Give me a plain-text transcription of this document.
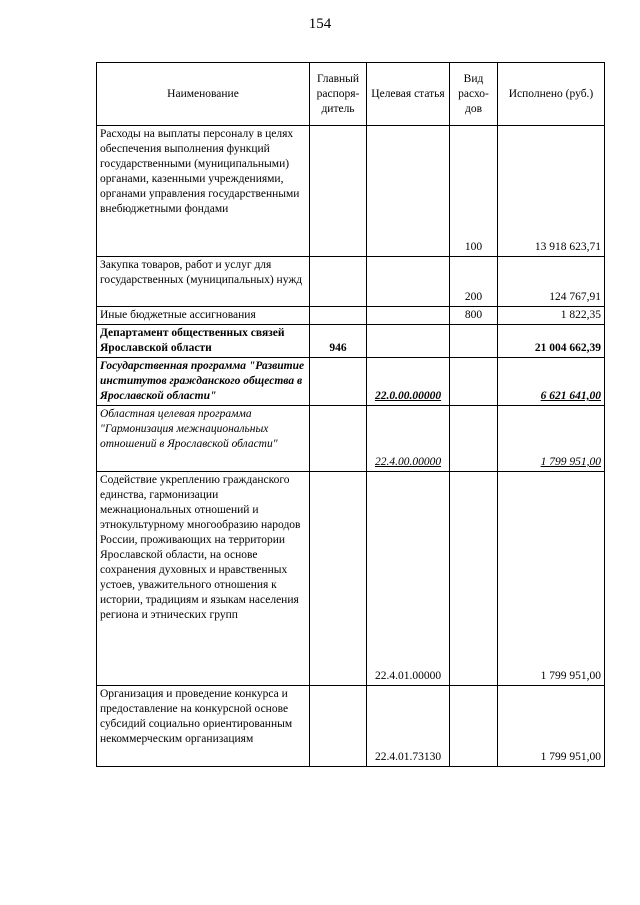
154
Наименование	Главный распоря-дитель	Целевая статья	Вид расхо-дов	Исполнено (руб.)
Расходы на выплаты персоналу в целях обеспечения выполнения функций государственными (муниципальными) органами, казенными учреждениями, органами управления государственными внебюджетными фондами			100	13 918 623,71
Закупка товаров, работ и услуг для государственных (муниципальных) нужд			200	124 767,91
Иные бюджетные ассигнования			800	1 822,35
Департамент общественных связей Ярославской области	946			21 004 662,39
Государственная программа "Развитие институтов гражданского общества в Ярославской области"		22.0.00.00000		6 621 641,00
Областная целевая программа "Гармонизация межнациональных отношений в Ярославской области"		22.4.00.00000		1 799 951,00
Содействие укреплению гражданского единства, гармонизации межнациональных отношений и этнокультурному многообразию народов России, проживающих на территории Ярославской области, на основе сохранения духовных и нравственных устоев, уважительного отношения к истории, традициям и языкам населения региона и этнических групп		22.4.01.00000		1 799 951,00
Организация и проведение конкурса и предоставление на конкурсной основе субсидий социально ориентированным некоммерческим организациям		22.4.01.73130		1 799 951,00
